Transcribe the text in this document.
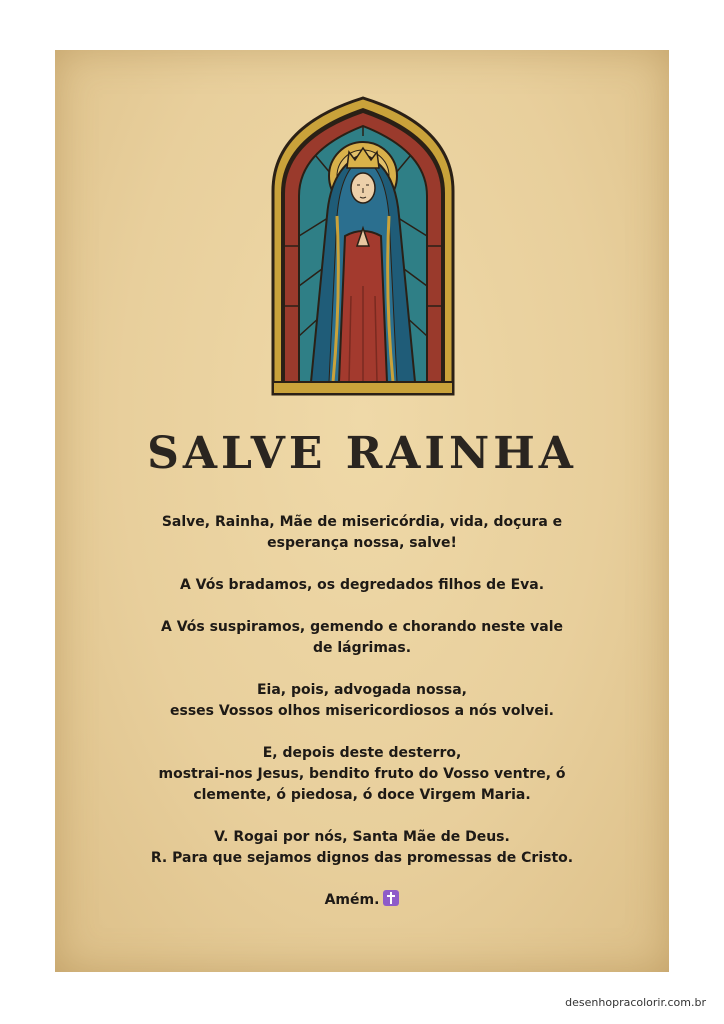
SALVE RAINHA

Salve, Rainha, Mãe de misericórdia, vida, doçura e
esperança nossa, salve!

A Vós bradamos, os degredados filhos de Eva.

A Vós suspiramos, gemendo e chorando neste vale
de lágrimas.

Eia, pois, advogada nossa,
esses Vossos olhos misericordiosos a nós volvei.

E, depois deste desterro,
mostrai-nos Jesus, bendito fruto do Vosso ventre, ó
clemente, ó piedosa, ó doce Virgem Maria.

V. Rogai por nós, Santa Mãe de Deus.
R. Para que sejamos dignos das promessas de Cristo.

Amém.

desenhopracolorir.com.br
